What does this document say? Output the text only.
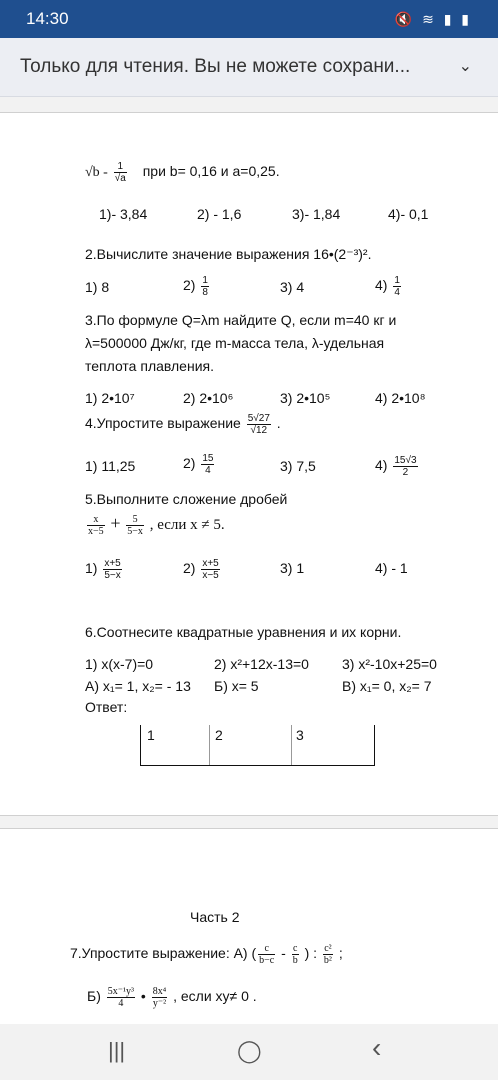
14:30	🔇 ≋ ▮ ▮
Только для чтения. Вы не можете сохрани...	⌄
$√b - \frac{1}{√a}$ при b= 0,16 и a=0,25.
1)- 3,84	2) - 1,6	3)- 1,84	4)- 0,1
2.Вычислите значение выражения 16•(2⁻³)².
1) 8	$2) \frac{1}{8}$	3) 4	$4) \frac{1}{4}$
3.По формуле Q=λm найдите Q, если m=40 кг и
λ=500000 Дж/кг, где m-масса тела, λ-удельная
теплота плавления.
1) 2•10⁷	2) 2•10⁶	3) 2•10⁵	4) 2•10⁸
4.Упростите выражение $\frac{5√27}{√12}$ .
1) 11,25	$2) \frac{15}{4}$	3) 7,5	$4) \frac{15√3}{2}$
5.Выполните сложение дробей
$\frac{x}{x-5} + \frac{5}{5-x}$ , если x ≠ 5.
$1) \frac{x+5}{5-x}$	$2) \frac{x+5}{x-5}$	3) 1	4) - 1
6.Соотнесите квадратные уравнения и их корни.
1) x(x-7)=0	2) x²+12x-13=0 3) x²-10x+25=0
А) x₁= 1, x₂= - 13 Б) x= 5	В) x₁= 0, x₂= 7
Ответ:
1	2	3
Часть 2
7.Упростите выражение: А) ( $\frac{c}{b-c} - \frac{c}{b}$ ) : $\frac{\text{c²}}{\text{b²}}$ ;
$Б) \frac{\text{5x⁻¹y³}}{4}$ • $\frac{\text{8x⁴}}{\text{y⁻²}}$ , если xy≠ 0 .
|||	◯	‹
